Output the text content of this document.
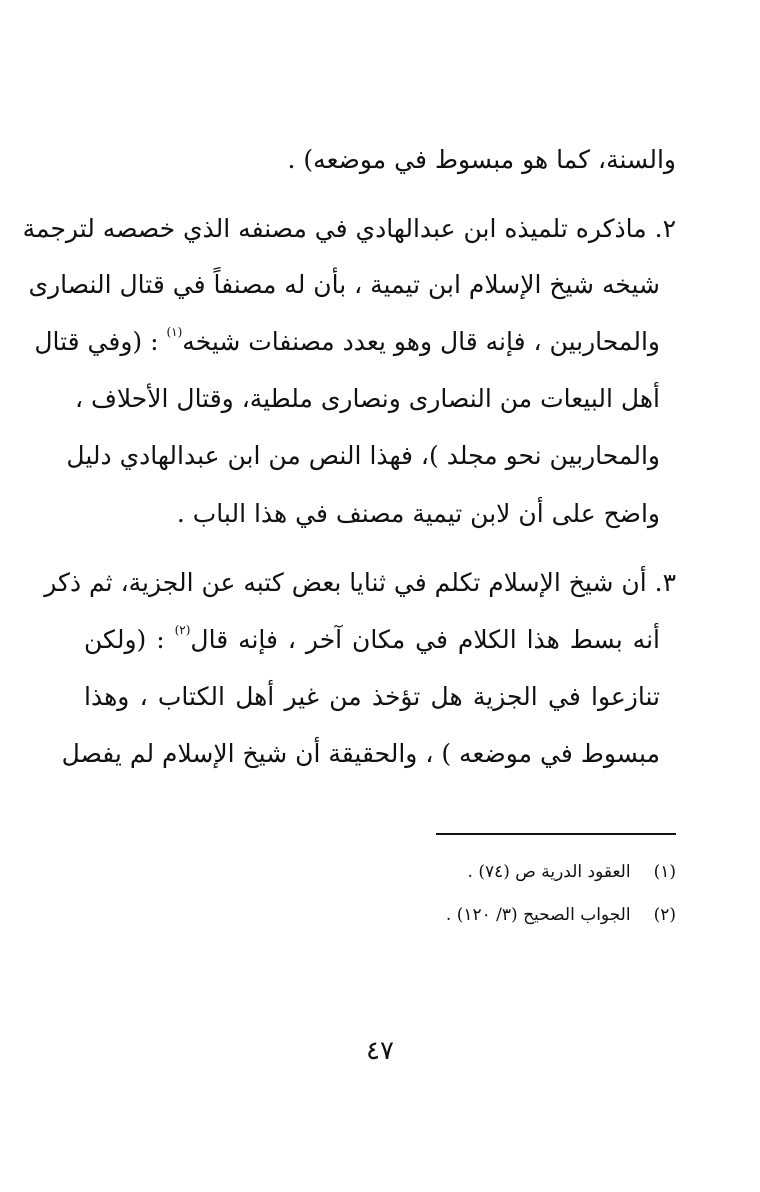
والسنة، كما هو مبسوط في موضعه) .
٢. ماذكره تلميذه ابن عبدالهادي في مصنفه الذي خصصه لترجمة
شيخه شيخ الإسلام ابن تيمية ، بأن له مصنفاً في قتال النصارى
والمحاربين ، فإنه قال وهو يعدد مصنفات شيخه$^{(١)}$ : (وفي قتال
أهل البيعات من النصارى ونصارى ملطية، وقتال الأحلاف ،
والمحاربين نحو مجلد )، فهذا النص من ابن عبدالهادي دليل
واضح على أن لابن تيمية مصنف في هذا الباب .
٣. أن شيخ الإسلام تكلم في ثنايا بعض كتبه عن الجزية، ثم ذكر
أنه بسط هذا الكلام في مكان آخر ، فإنه قال$^{(٢)}$ : (ولكن
تنازعوا في الجزية هل تؤخذ من غير أهل الكتاب ، وهذا
مبسوط في موضعه ) ، والحقيقة أن شيخ الإسلام لم يفصل
(١) العقود الدرية ص (٧٤) .
(٢) الجواب الصحيح (٣/ ١٢٠) .
٤٧
